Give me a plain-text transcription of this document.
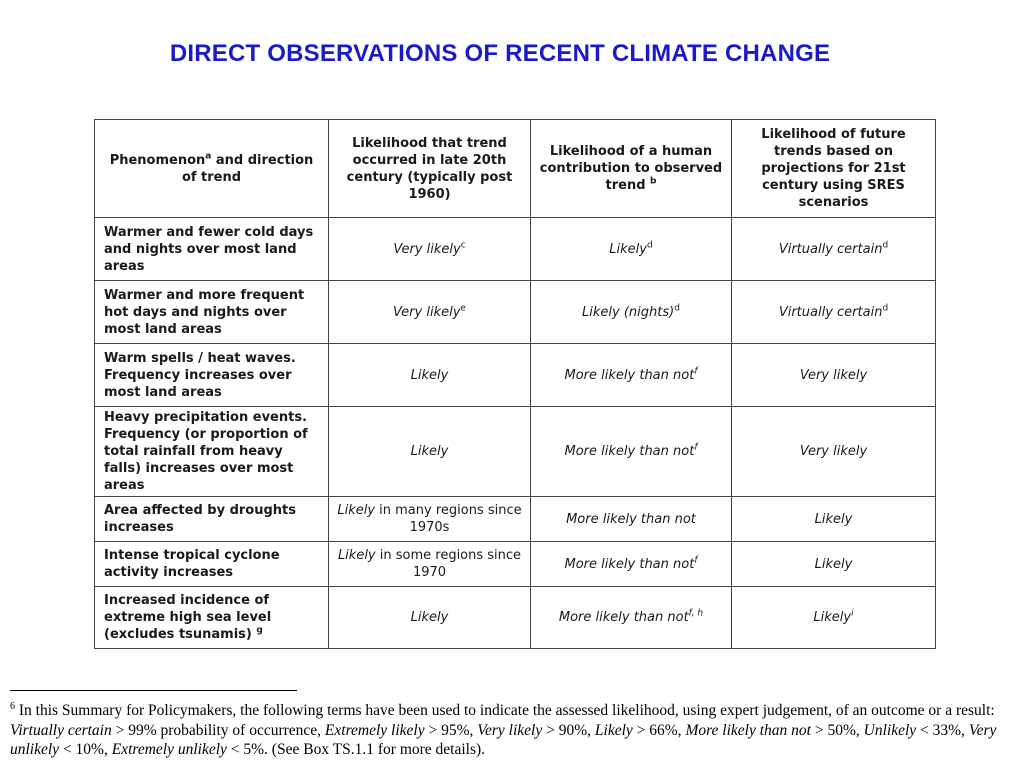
DIRECT OBSERVATIONS OF RECENT CLIMATE CHANGE
Phenomenon$^a$ and direction of trend	Likelihood that trend occurred in late 20th century (typically post 1960)	Likelihood of a human contribution to observed trend $^b$	Likelihood of future trends based on projections for 21st century using SRES scenarios
Warmer and fewer cold days and nights over most land areas	Very likely$^c$	Likely$^d$	Virtually certain$^d$
Warmer and more frequent hot days and nights over most land areas	Very likely$^e$	Likely (nights)$^d$	Virtually certain$^d$
Warm spells / heat waves. Frequency increases over most land areas	Likely	More likely than not$^f$	Very likely
Heavy precipitation events. Frequency (or proportion of total rainfall from heavy falls) increases over most areas	Likely	More likely than not$^f$	Very likely
Area affected by droughts increases	Likely in many regions since 1970s	More likely than not	Likely
Intense tropical cyclone activity increases	Likely in some regions since 1970	More likely than not$^f$	Likely
Increased incidence of extreme high sea level (excludes tsunamis) $^g$	Likely	More likely than not$^{f, h}$	Likely$^i$
$^6$ In this Summary for Policymakers, the following terms have been used to indicate the assessed likelihood, using expert judgement, of an outcome or a result: Virtually certain > 99% probability of occurrence, Extremely likely > 95%, Very likely > 90%, Likely > 66%, More likely than not > 50%, Unlikely < 33%, Very unlikely < 10%, Extremely unlikely < 5%. (See Box TS.1.1 for more details).
